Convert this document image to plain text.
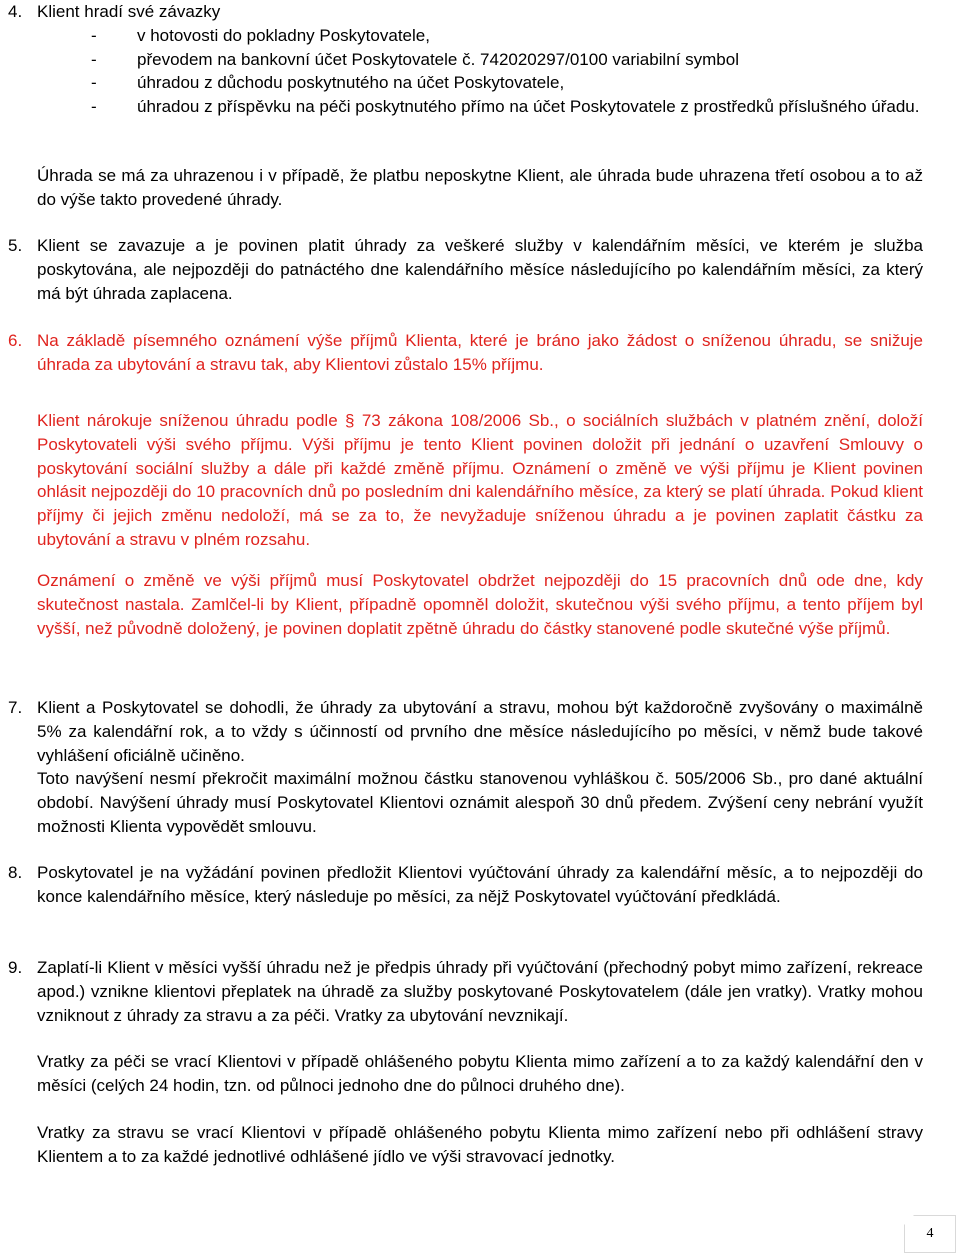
4. Klient hradí své závazky
-	v hotovosti do pokladny Poskytovatele,
-	převodem na bankovní účet Poskytovatele č. 742020297/0100 variabilní symbol
-	úhradou z důchodu poskytnutého na účet Poskytovatele,
-	úhradou z příspěvku na péči poskytnutého přímo na účet Poskytovatele z prostředků příslušného úřadu.
Úhrada se má za uhrazenou i v případě, že platbu neposkytne Klient, ale úhrada bude uhrazena třetí osobou a to až do výše takto provedené úhrady.
5. Klient se zavazuje a je povinen platit úhrady za veškeré služby v kalendářním měsíci, ve kterém je služba poskytována, ale nejpozději do patnáctého dne kalendářního měsíce následujícího po kalendářním měsíci, za který má být úhrada zaplacena.
6. Na základě písemného oznámení výše příjmů Klienta, které je bráno jako žádost o sníženou úhradu, se snižuje úhrada za ubytování a stravu tak, aby Klientovi zůstalo 15% příjmu.
Klient nárokuje sníženou úhradu podle § 73 zákona 108/2006 Sb., o sociálních službách v platném znění, doloží Poskytovateli výši svého příjmu. Výši příjmu je tento Klient povinen doložit při jednání o uzavření Smlouvy o poskytování sociální služby a dále při každé změně příjmu. Oznámení o změně ve výši příjmu je Klient povinen ohlásit nejpozději do 10 pracovních dnů po posledním dni kalendářního měsíce, za který se platí úhrada. Pokud klient příjmy či jejich změnu nedoloží, má se za to, že nevyžaduje sníženou úhradu a je povinen zaplatit částku za ubytování a stravu v plném rozsahu.
Oznámení o změně ve výši příjmů musí Poskytovatel obdržet nejpozději do 15 pracovních dnů ode dne, kdy skutečnost nastala. Zamlčel-li by Klient, případně opomněl doložit, skutečnou výši svého příjmu, a tento příjem byl vyšší, než původně doložený, je povinen doplatit zpětně úhradu do částky stanovené podle skutečné výše příjmů.
7. Klient a Poskytovatel se dohodli, že úhrady za ubytování a stravu, mohou být každoročně zvyšovány o maximálně 5% za kalendářní rok, a to vždy s účinností od prvního dne měsíce následujícího po měsíci, v němž bude takové vyhlášení oficiálně učiněno.
Toto navýšení nesmí překročit maximální možnou částku stanovenou vyhláškou č. 505/2006 Sb., pro dané aktuální období. Navýšení úhrady musí Poskytovatel Klientovi oznámit alespoň 30 dnů předem. Zvýšení ceny nebrání využít možnosti Klienta vypovědět smlouvu.
8. Poskytovatel je na vyžádání povinen předložit Klientovi vyúčtování úhrady za kalendářní měsíc, a to nejpozději do konce kalendářního měsíce, který následuje po měsíci, za nějž Poskytovatel vyúčtování předkládá.
9. Zaplatí-li Klient v měsíci vyšší úhradu než je předpis úhrady při vyúčtování (přechodný pobyt mimo zařízení, rekreace apod.) vznikne klientovi přeplatek na úhradě za služby poskytované Poskytovatelem (dále jen vratky). Vratky mohou vzniknout z úhrady za stravu a za péči. Vratky za ubytování nevznikají.
Vratky za péči se vrací Klientovi v případě ohlášeného pobytu Klienta mimo zařízení a to za každý kalendářní den v měsíci (celých 24 hodin, tzn. od půlnoci jednoho dne do půlnoci druhého dne).
Vratky za stravu se vrací Klientovi v případě ohlášeného pobytu Klienta mimo zařízení nebo při odhlášení stravy Klientem a to za každé jednotlivé odhlášené jídlo ve výši stravovací jednotky.
4
